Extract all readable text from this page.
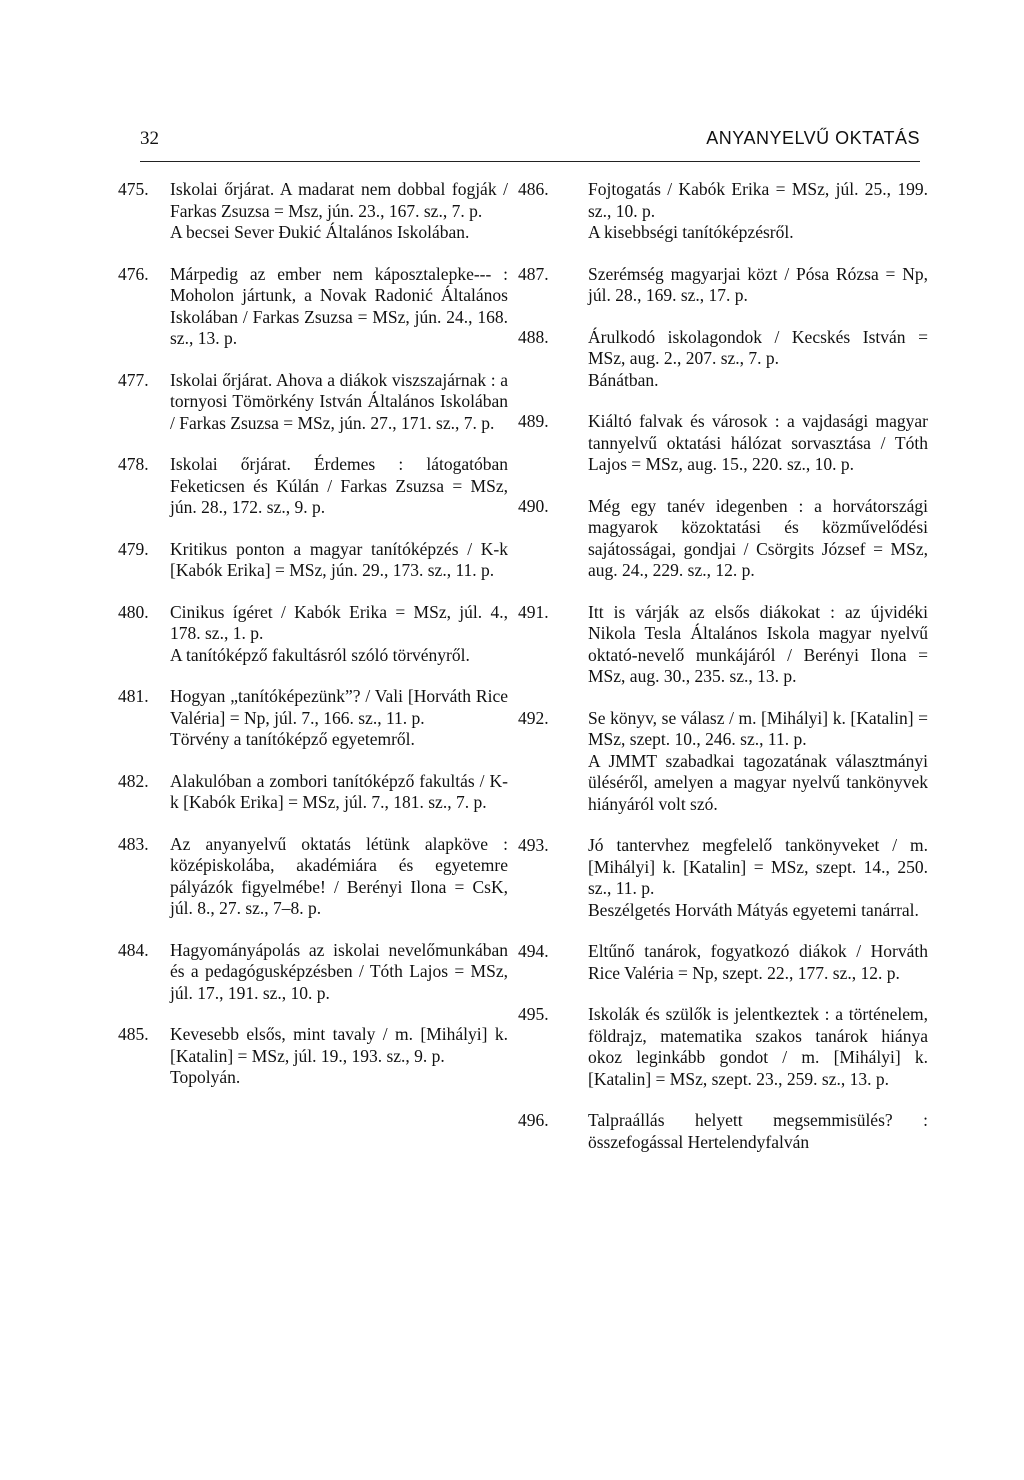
32	ANYANYELVŰ OKTATÁS
475.	Iskolai őrjárat. A madarat nem dobbal fogják / Farkas Zsuzsa = Msz, jún. 23., 167. sz., 7. p.
A becsei Sever Đukić Általános Iskolában.
476.	Márpedig az ember nem káposztalepke--- : Moholon jártunk, a Novak Radonić Általános Iskolában / Farkas Zsuzsa = MSz, jún. 24., 168. sz., 13. p.
477.	Iskolai őrjárat. Ahova a diákok viszszajárnak : a tornyosi Tömörkény István Általános Iskolában / Farkas Zsuzsa = MSz, jún. 27., 171. sz., 7. p.
478.	Iskolai őrjárat. Érdemes : látogatóban Feketicsen és Kúlán / Farkas Zsuzsa = MSz, jún. 28., 172. sz., 9. p.
479.	Kritikus ponton a magyar tanítóképzés / K-k [Kabók Erika] = MSz, jún. 29., 173. sz., 11. p.
480.	Cinikus ígéret / Kabók Erika = MSz, júl. 4., 178. sz., 1. p.
A tanítóképző fakultásról szóló törvényről.
481.	Hogyan „tanítóképezünk”? / Vali [Horváth Rice Valéria] = Np, júl. 7., 166. sz., 11. p.
Törvény a tanítóképző egyetemről.
482.	Alakulóban a zombori tanítóképző fakultás / K-k [Kabók Erika] = MSz, júl. 7., 181. sz., 7. p.
483.	Az anyanyelvű oktatás létünk alapköve : középiskolába, akadémiára és egyetemre pályázók figyelmébe! / Berényi Ilona = CsK, júl. 8., 27. sz., 7–8. p.
484.	Hagyományápolás az iskolai nevelőmunkában és a pedagógusképzésben / Tóth Lajos = MSz, júl. 17., 191. sz., 10. p.
485.	Kevesebb elsős, mint tavaly / m. [Mihályi] k. [Katalin] = MSz, júl. 19., 193. sz., 9. p.
Topolyán.
486.	Fojtogatás / Kabók Erika = MSz, júl. 25., 199. sz., 10. p.
A kisebbségi tanítóképzésről.
487.	Szerémség magyarjai közt / Pósa Rózsa = Np, júl. 28., 169. sz., 17. p.
488.	Árulkodó iskolagondok / Kecskés István = MSz, aug. 2., 207. sz., 7. p.
Bánátban.
489.	Kiáltó falvak és városok : a vajdasági magyar tannyelvű oktatási hálózat sorvasztása / Tóth Lajos = MSz, aug. 15., 220. sz., 10. p.
490.	Még egy tanév idegenben : a horvátországi magyarok közoktatási és közművelődési sajátosságai, gondjai / Csörgits József = MSz, aug. 24., 229. sz., 12. p.
491.	Itt is várják az elsős diákokat : az újvidéki Nikola Tesla Általános Iskola magyar nyelvű oktató-nevelő munkájáról / Berényi Ilona = MSz, aug. 30., 235. sz., 13. p.
492.	Se könyv, se válasz / m. [Mihályi] k. [Katalin] = MSz, szept. 10., 246. sz., 11. p.
A JMMT szabadkai tagozatának választmányi üléséről, amelyen a magyar nyelvű tankönyvek hiányáról volt szó.
493.	Jó tantervhez megfelelő tankönyveket / m. [Mihályi] k. [Katalin] = MSz, szept. 14., 250. sz., 11. p.
Beszélgetés Horváth Mátyás egyetemi tanárral.
494.	Eltűnő tanárok, fogyatkozó diákok / Horváth Rice Valéria = Np, szept. 22., 177. sz., 12. p.
495.	Iskolák és szülők is jelentkeztek : a történelem, földrajz, matematika szakos tanárok hiánya okoz leginkább gondot / m. [Mihályi] k. [Katalin] = MSz, szept. 23., 259. sz., 13. p.
496.	Talpraállás helyett megsemmisülés? : összefogással Hertelendyfalván
